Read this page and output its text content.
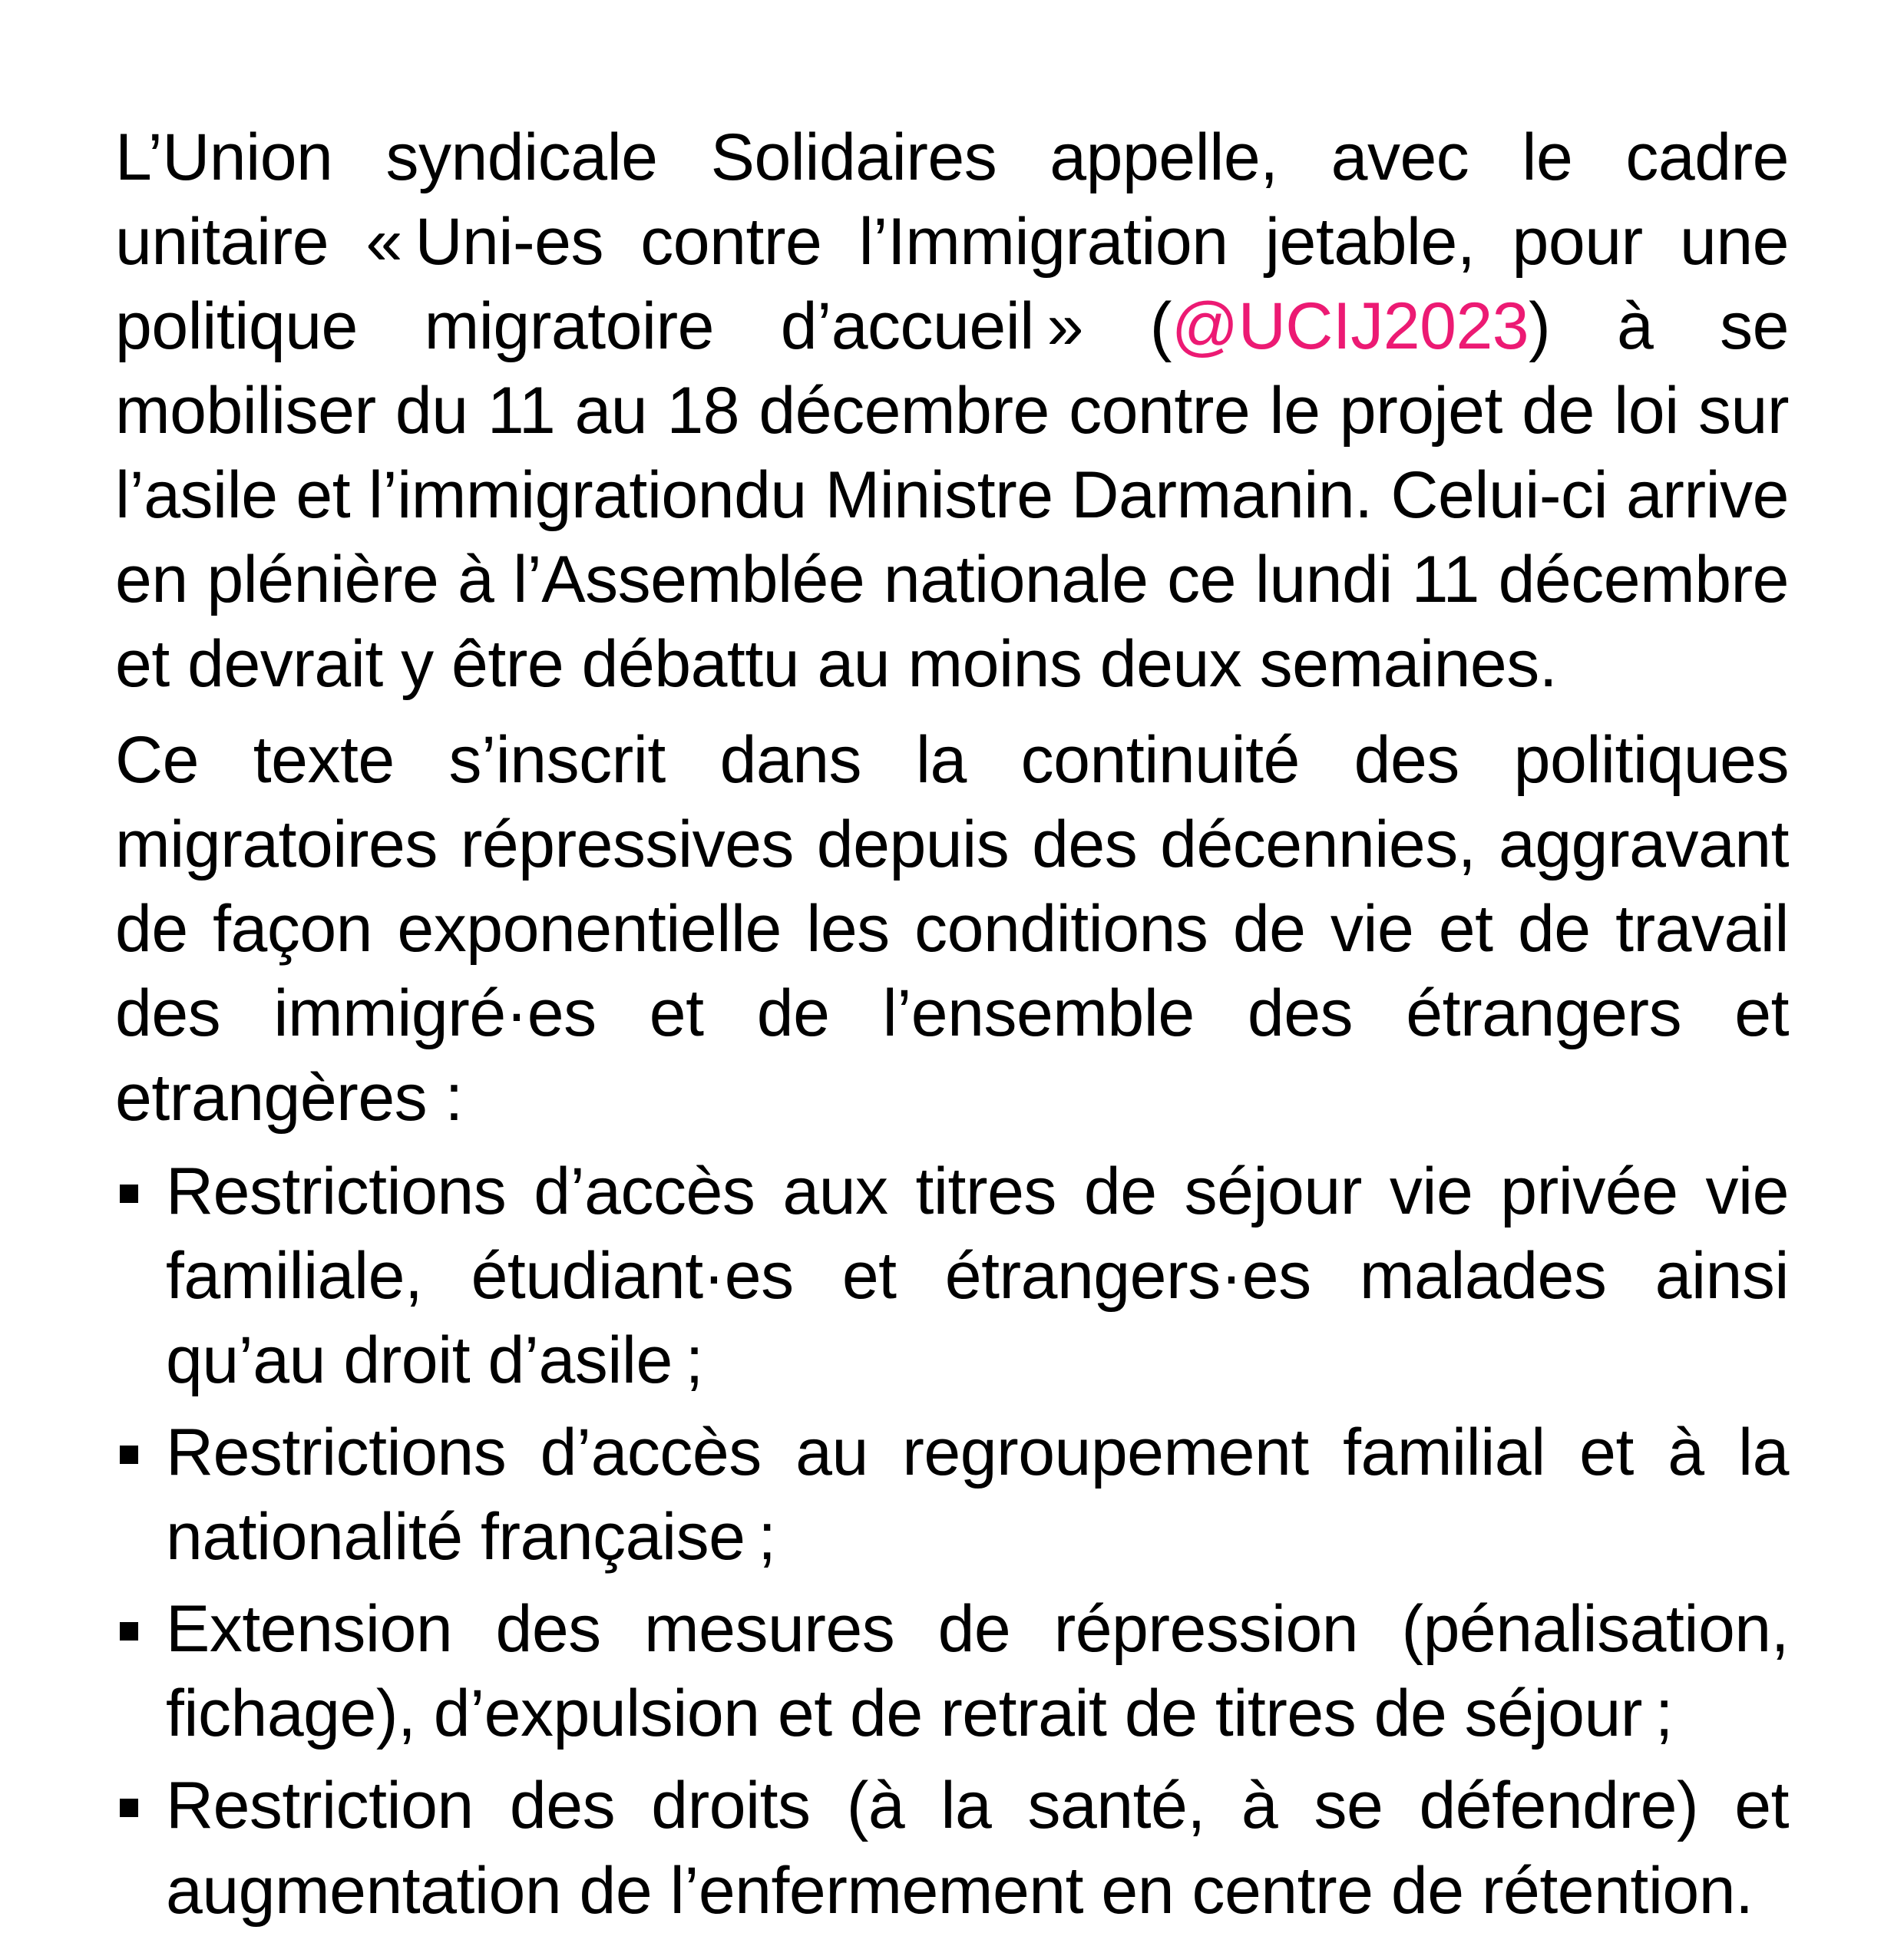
L’Union syndicale Solidaires appelle, avec le cadre unitaire « Uni-es contre l’Immigration jetable, pour une politique migratoire d’accueil » (@UCIJ2023) à se mobiliser du 11 au 18 décembre contre le projet de loi sur l’asile et l’immigrationdu Ministre Darmanin. Celui-ci arrive en plénière à l’Assemblée nationale ce lundi 11 décembre et devrait y être débattu au moins deux semaines.

Ce texte s’inscrit dans la continuité des politiques migratoires répressives depuis des décennies, aggravant de façon exponentielle les conditions de vie et de travail des immigré·es et de l’ensemble des étrangers et etrangères :

Restrictions d’accès aux titres de séjour vie privée vie familiale, étudiant·es et étrangers·es malades ainsi qu’au droit d’asile ;
Restrictions d’accès au regroupement familial et à la nationalité française ;
Extension des mesures de répression (pénalisation, fichage), d’expulsion et de retrait de titres de séjour ;
Restriction des droits (à la santé, à se défendre) et augmentation de l’enfermement en centre de rétention.
